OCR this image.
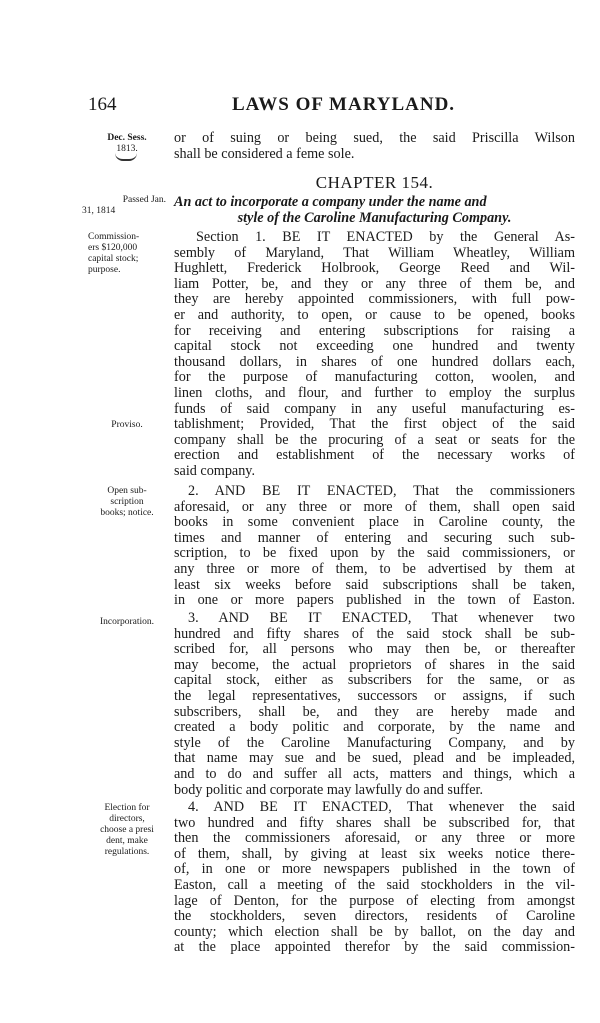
164	LAWS OF MARYLAND.
Dec. Sess.
1813.
Passed Jan.
31, 1814
Commission-
ers $120,000
capital stock;
purpose.
Proviso.
Open sub-
scription
books; notice.
Incorporation.
Election for
directors,
choose a presi
dent, make
regulations.
or of suing or being sued, the said Priscilla Wilson
shall be considered a feme sole.
CHAPTER 154.
An act to incorporate a company under the name and
style of the Caroline Manufacturing Company.
Section 1. BE IT ENACTED by the General As-
sembly of Maryland, That William Wheatley, William
Hughlett, Frederick Holbrook, George Reed and Wil-
liam Potter, be, and they or any three of them be, and
they are hereby appointed commissioners, with full pow-
er and authority, to open, or cause to be opened, books
for receiving and entering subscriptions for raising a
capital stock not exceeding one hundred and twenty
thousand dollars, in shares of one hundred dollars each,
for the purpose of manufacturing cotton, woolen, and
linen cloths, and flour, and further to employ the surplus
funds of said company in any useful manufacturing es-
tablishment; Provided, That the first object of the said
company shall be the procuring of a seat or seats for the
erection and establishment of the necessary works of
said company.
2. AND BE IT ENACTED, That the commissioners
aforesaid, or any three or more of them, shall open said
books in some convenient place in Caroline county, the
times and manner of entering and securing such sub-
scription, to be fixed upon by the said commissioners, or
any three or more of them, to be advertised by them at
least six weeks before said subscriptions shall be taken,
in one or more papers published in the town of Easton.
3. AND BE IT ENACTED, That whenever two
hundred and fifty shares of the said stock shall be sub-
scribed for, all persons who may then be, or thereafter
may become, the actual proprietors of shares in the said
capital stock, either as subscribers for the same, or as
the legal representatives, successors or assigns, if such
subscribers, shall be, and they are hereby made and
created a body politic and corporate, by the name and
style of the Caroline Manufacturing Company, and by
that name may sue and be sued, plead and be impleaded,
and to do and suffer all acts, matters and things, which a
body politic and corporate may lawfully do and suffer.
4. AND BE IT ENACTED, That whenever the said
two hundred and fifty shares shall be subscribed for, that
then the commissioners aforesaid, or any three or more
of them, shall, by giving at least six weeks notice there-
of, in one or more newspapers published in the town of
Easton, call a meeting of the said stockholders in the vil-
lage of Denton, for the purpose of electing from amongst
the stockholders, seven directors, residents of Caroline
county; which election shall be by ballot, on the day and
at the place appointed therefor by the said commission-
